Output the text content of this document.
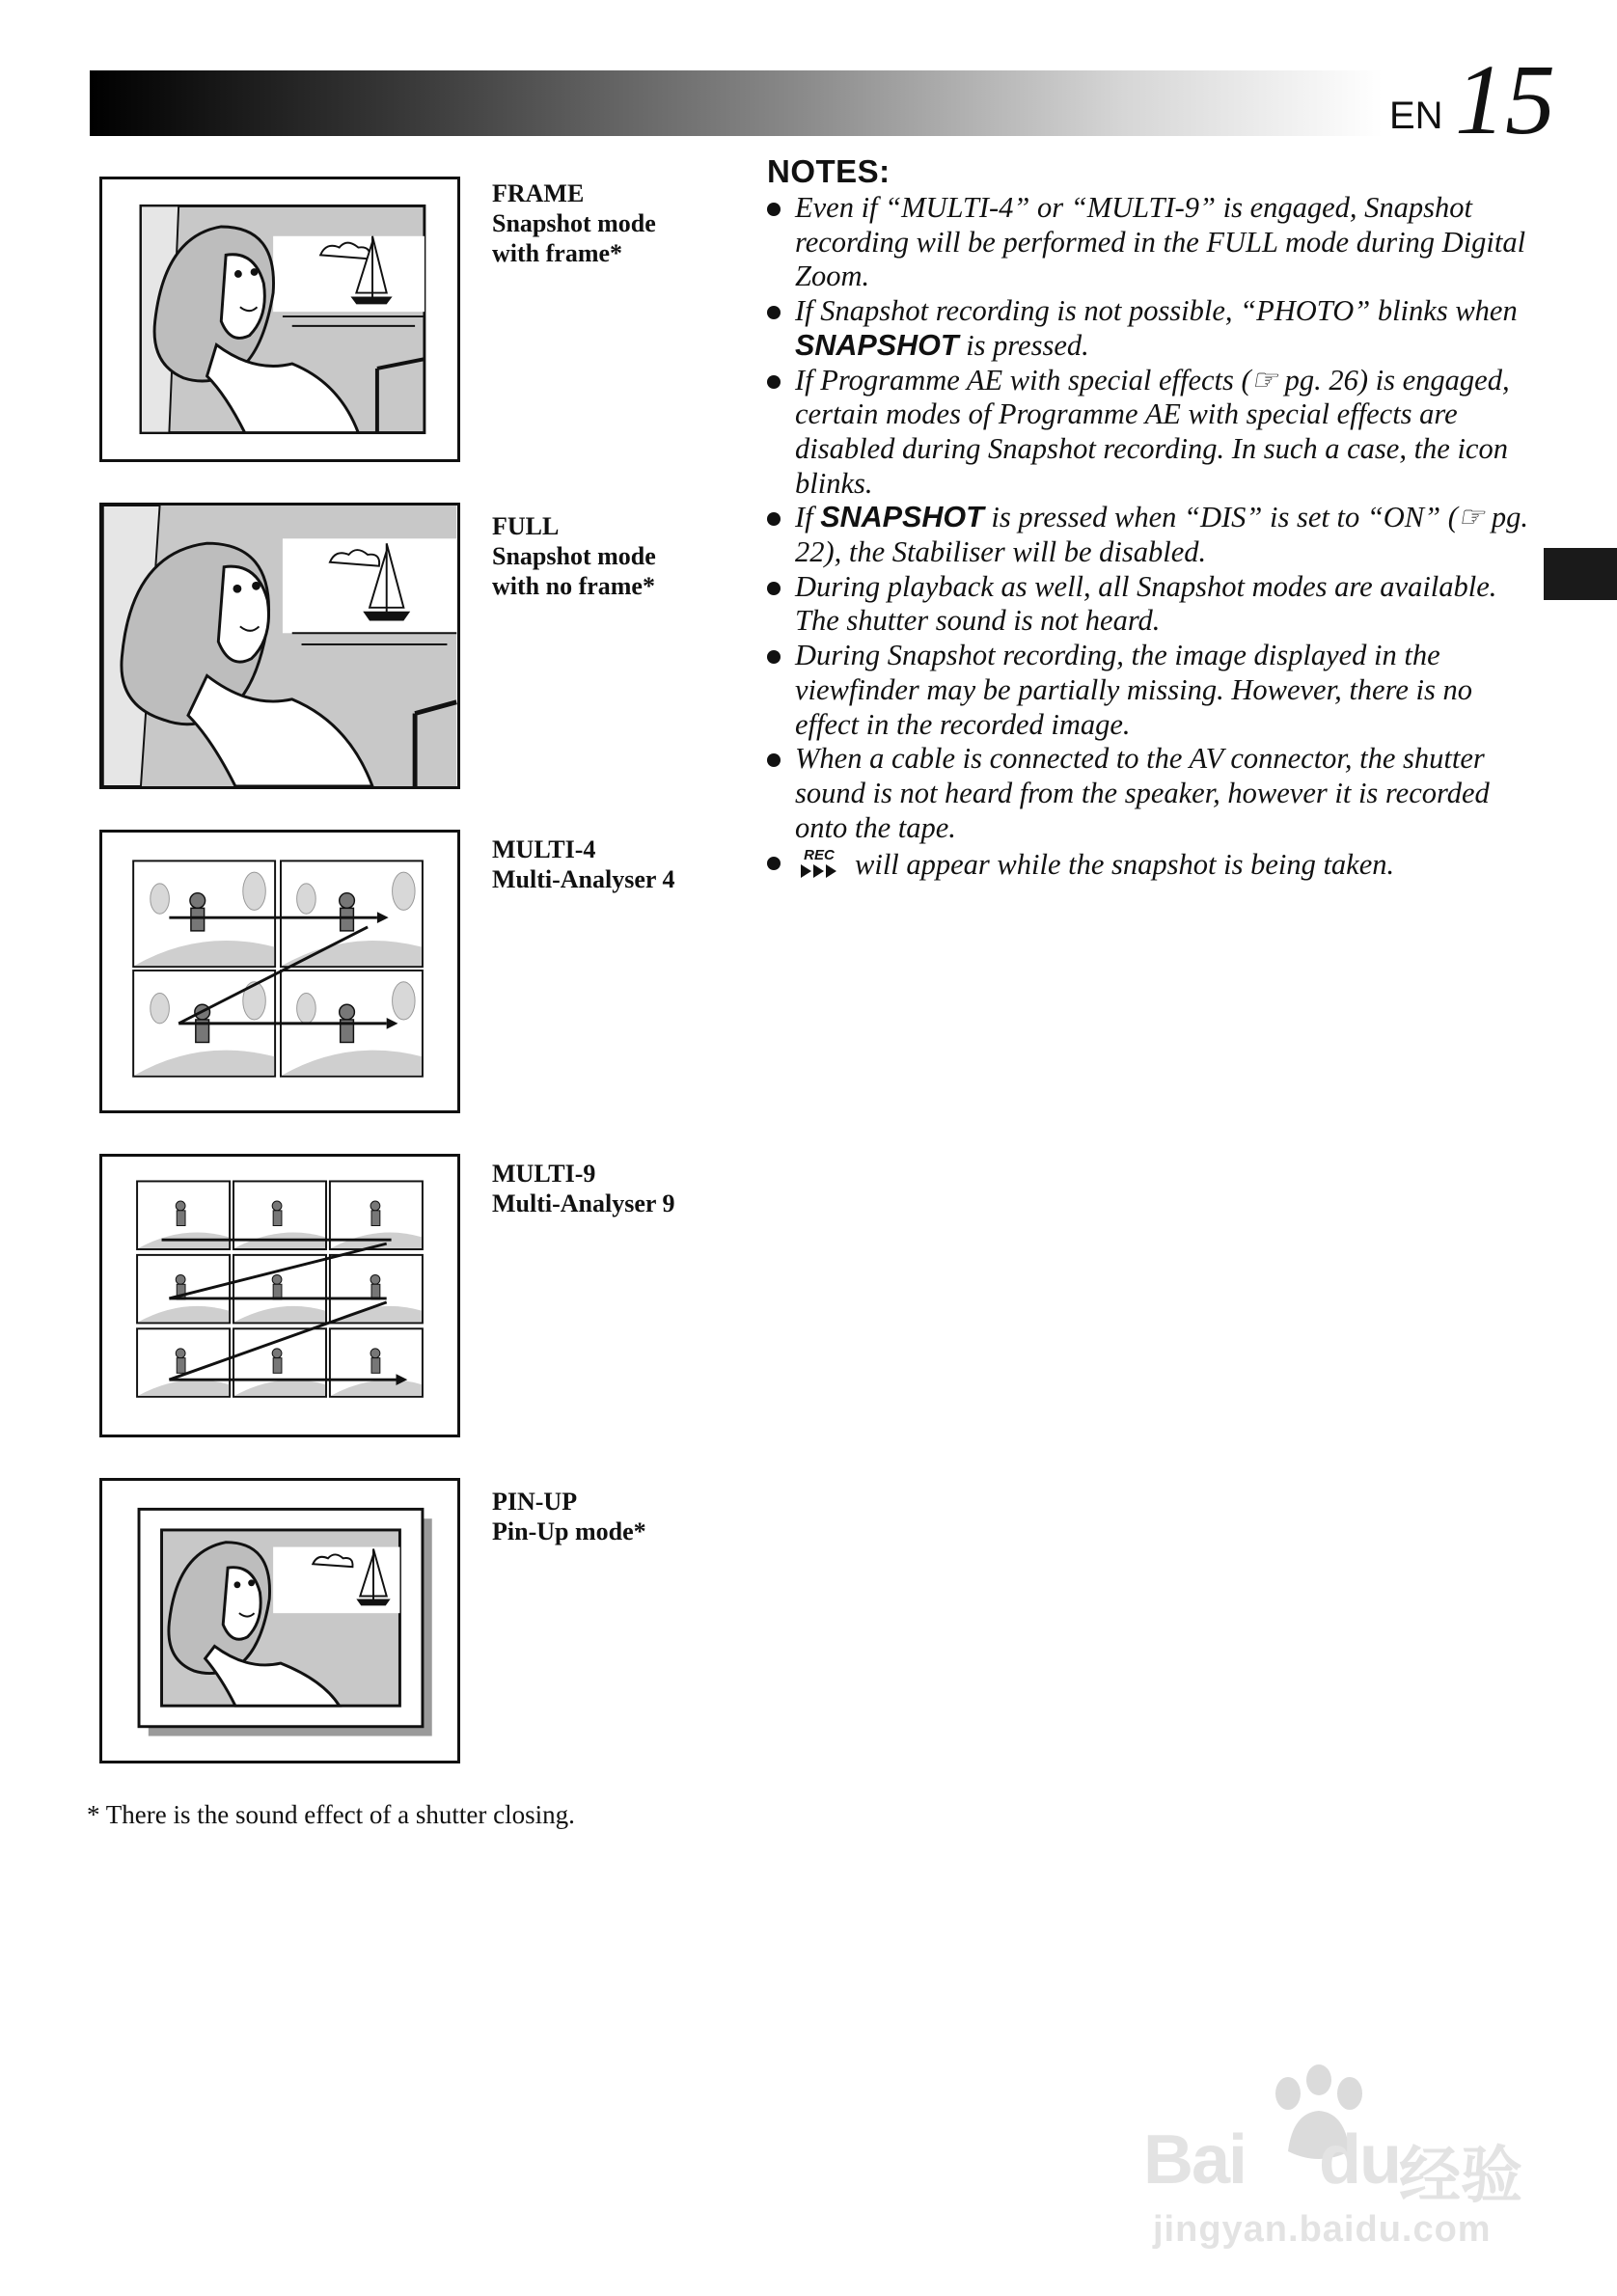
EN 15
FRAME
Snapshot mode
with frame*
FULL
Snapshot mode
with no frame*
MULTI-4
Multi-Analyser 4
MULTI-9
Multi-Analyser 9
PIN-UP
Pin-Up mode*
* There is the sound effect of a shutter closing.
NOTES:
Even if “MULTI-4” or “MULTI-9” is engaged, Snapshot recording will be performed in the FULL mode during Digital Zoom.
If Snapshot recording is not possible, “PHOTO” blinks when SNAPSHOT is pressed.
If Programme AE with special effects (☞ pg. 26) is engaged, certain modes of Programme AE with special effects are disabled during Snapshot recording. In such a case, the icon blinks.
If SNAPSHOT is pressed when “DIS” is set to “ON” (☞ pg. 22), the Stabiliser will be disabled.
During playback as well, all Snapshot modes are available. The shutter sound is not heard.
During Snapshot recording, the image displayed in the viewfinder may be partially missing. However, there is no effect in the recorded image.
When a cable is connected to the AV connector, the shutter sound is not heard from the speaker, however it is recorded onto the tape.
REC will appear while the snapshot is being taken.
Bai du
经验
jingyan.baidu.com
